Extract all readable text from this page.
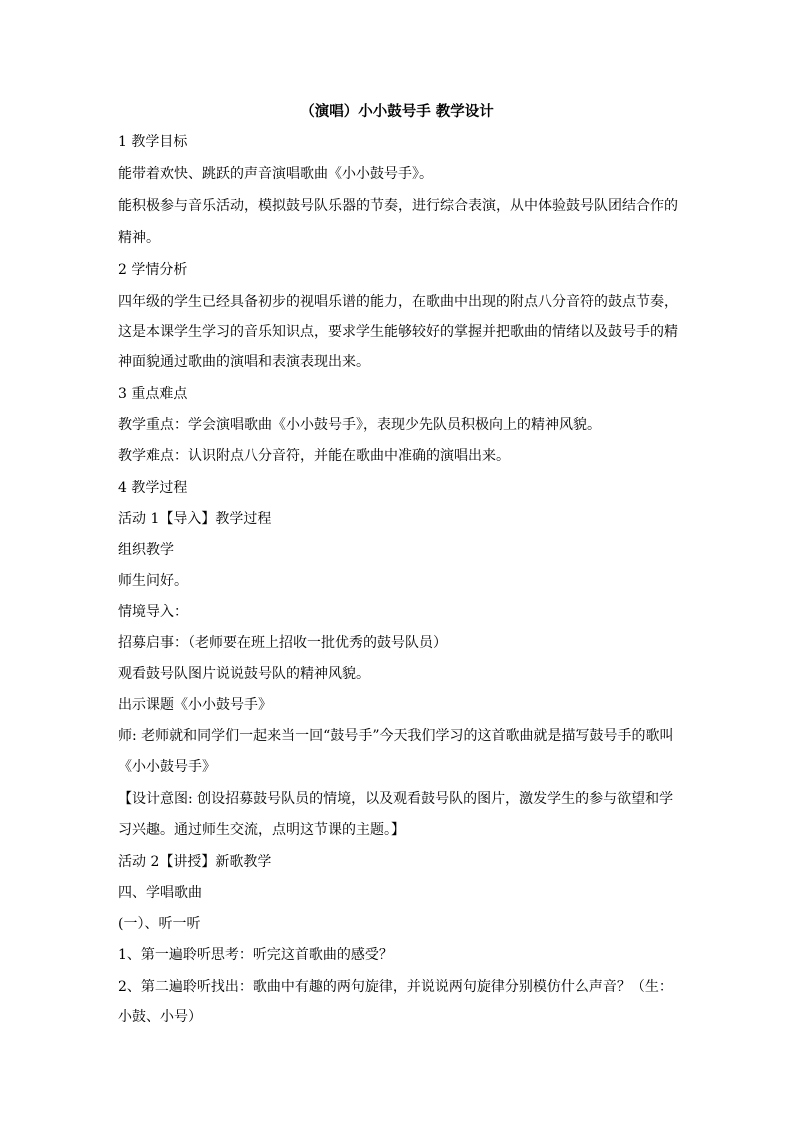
（演唱）小小鼓号手 教学设计
1 教学目标
能带着欢快、跳跃的声音演唱歌曲《小小鼓号手》。
能积极参与音乐活动，模拟鼓号队乐器的节奏，进行综合表演，从中体验鼓号队团结合作的
精神。
2 学情分析
四年级的学生已经具备初步的视唱乐谱的能力，在歌曲中出现的附点八分音符的鼓点节奏，
这是本课学生学习的音乐知识点，要求学生能够较好的掌握并把歌曲的情绪以及鼓号手的精
神面貌通过歌曲的演唱和表演表现出来。
3 重点难点
教学重点：学会演唱歌曲《小小鼓号手》，表现少先队员积极向上的精神风貌。
教学难点：认识附点八分音符，并能在歌曲中准确的演唱出来。
4 教学过程
活动 1【导入】教学过程
组织教学
师生问好。
情境导入：
招募启事：（老师要在班上招收一批优秀的鼓号队员）
观看鼓号队图片说说鼓号队的精神风貌。
出示课题《小小鼓号手》
师: 老师就和同学们一起来当一回“鼓号手”今天我们学习的这首歌曲就是描写鼓号手的歌叫
《小小鼓号手》
【设计意图: 创设招募鼓号队员的情境，以及观看鼓号队的图片，激发学生的参与欲望和学
习兴趣。通过师生交流，点明这节课的主题。】
活动 2【讲授】新歌教学
四、学唱歌曲
(一）、听一听
1、第一遍聆听思考：听完这首歌曲的感受？
2、第二遍聆听找出：歌曲中有趣的两句旋律，并说说两句旋律分别模仿什么声音？（生：
小鼓、小号）
